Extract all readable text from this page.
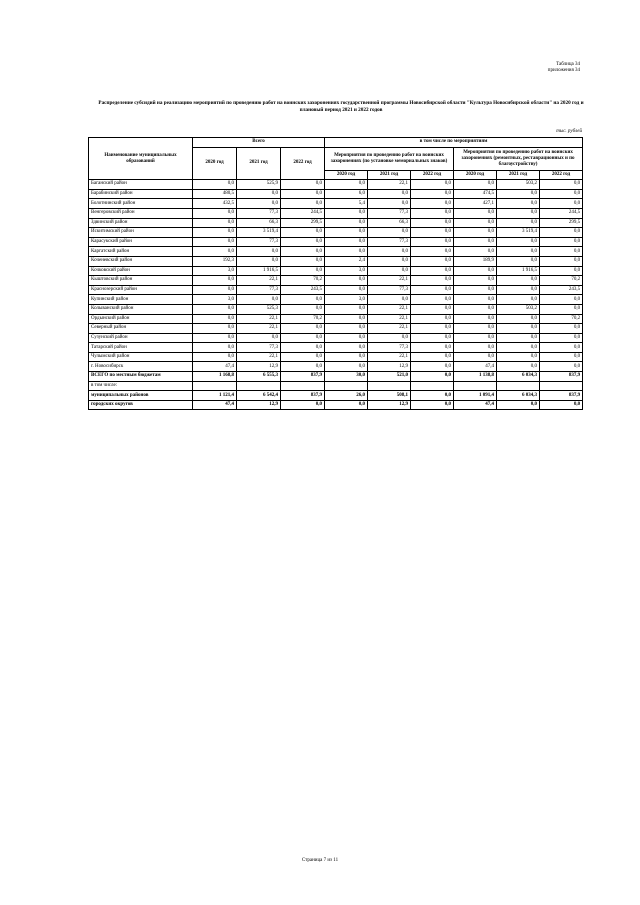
Таблица 34
приложения 34
Распределение субсидий на реализацию мероприятий по проведению работ на воинских захоронениях государственной программы Новосибирской области "Культура Новосибирской области" на 2020 год и плановый период 2021 и 2022 годов
тыс. рублей
Наименование муниципальных образований	Всего			в том числе по мероприятиям					
	2020 год	2021 год	2022 год	Мероприятия по проведению работ на воинских захоронениях (по установке мемориальных знаков)			Мероприятия по проведению работ на воинских захоронениях (ремонтных, реставрационных и по благоустройству)		
				2020 год	2021 год	2022 год	2020 год	2021 год	2022 год
Баганский район	0,0	525,9	0,0	0,0	22,1	0,0	0,0	503,2	0,0
Барабинский район	480,5	0,0	0,0	6,0	0,0	0,0	474,5	0,0	0,0
Болотнинский район	432,5	0,0	0,0	5,4	0,0	0,0	427,1	0,0	0,0
Венгеровский район	0,0	77,3	244,5	0,0	77,3	0,0	0,0	0,0	244,5
Здвинский район	0,0	66,3	299,5	0,0	66,3	0,0	0,0	0,0	299,5
Искитимский район	0,0	3 519,4	0,0	0,0	0,0	0,0	0,0	3 519,4	0,0
Карасукский район	0,0	77,3	0,0	0,0	77,3	0,0	0,0	0,0	0,0
Каргатский район	0,0	0,0	0,0	0,0	0,0	0,0	0,0	0,0	0,0
Коченевский район	192,3	0,0	0,0	2,4	0,0	0,0	189,9	0,0	0,0
Кочковский район	3,0	1 916,5	0,0	3,0	0,0	0,0	0,0	1 916,5	0,0
Кыштовский район	0,0	22,1	70,2	0,0	22,1	0,0	0,0	0,0	70,2
Краснозерский район	0,0	77,3	243,5	0,0	77,3	0,0	0,0	0,0	243,5
Купинский район	3,0	0,0	0,0	3,0	0,0	0,0	0,0	0,0	0,0
Колыванский район	0,0	525,3	0,0	0,0	22,1	0,0	0,0	503,2	0,0
Ордынский район	0,0	22,1	70,2	0,0	22,1	0,0	0,0	0,0	70,2
Северный район	0,0	22,1	0,0	0,0	22,1	0,0	0,0	0,0	0,0
Сузунский район	0,0	0,0	0,0	0,0	0,0	0,0	0,0	0,0	0,0
Татарский район	0,0	77,3	0,0	0,0	77,3	0,0	0,0	0,0	0,0
Чулымский район	0,0	22,1	0,0	0,0	22,1	0,0	0,0	0,0	0,0
г. Новосибирск	47,4	12,9	0,0	0,0	12,9	0,0	47,4	0,0	0,0
ВСЕГО по местным бюджетам	1 168,8	6 555,3	837,9	30,0	521,0	0,0	1 138,8	6 034,3	837,9
в том числе:									
муниципальных районов	1 121,4	6 542,4	837,9	26,0	508,1	0,0	1 091,4	6 034,3	837,9
городских округов	47,4	12,9	0,0	0,0	12,9	0,0	47,4	0,0	0,0
Страница 7 из 11
